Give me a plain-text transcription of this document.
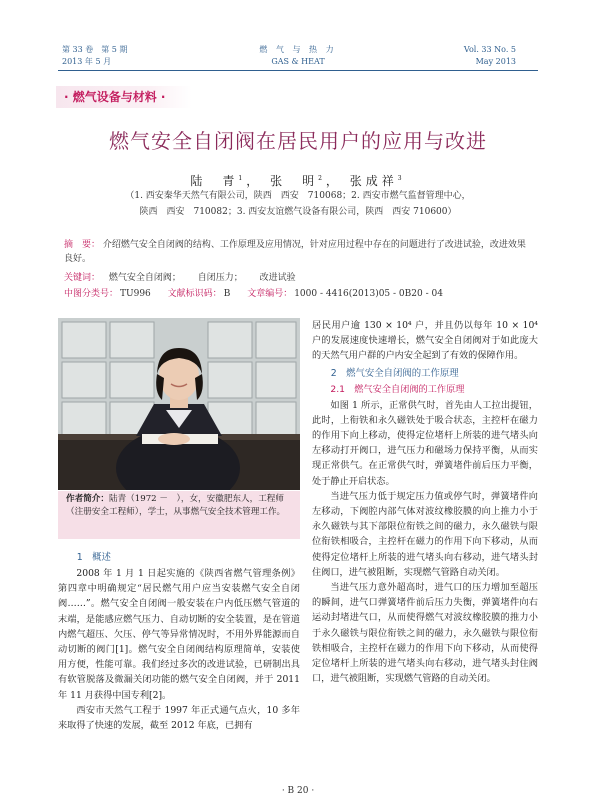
第 33 卷　第 5 期
2013 年 5 月
燃 气 与 热 力
GAS & HEAT
Vol. 33 No. 5
May 2013
· 燃气设备与材料 ·
燃气安全自闭阀在居民用户的应用与改进
陆　青$^1$， 张　明$^2$， 张成祥$^3$
（1. 西安秦华天然气有限公司，陕西　西安　710068；2. 西安市燃气监督管理中心，
陕西　西安　710082；3. 西安友谊燃气设备有限公司，陕西　西安 710600）
摘　要： 介绍燃气安全自闭阀的结构、工作原理及应用情况，针对应用过程中存在的问题进行了改进试验，改进效果良好。
关键词： 燃气安全自闭阀； 自闭压力； 改进试验
中图分类号： TU996 文献标识码： B 文章编号： 1000 - 4416(2013)05 - 0B20 - 04
作者简介：陆青（1972 －　），女，安徽肥东人，工程师（注册安全工程师），学士，从事燃气安全技术管理工作。

1　概述

2008 年 1 月 1 日起实施的《陕西省燃气管理条例》第四章中明确规定“居民燃气用户应当安装燃气安全自闭阀……”。燃气安全自闭阀一般安装在户内低压燃气管道的末端，是能感应燃气压力、自动切断的安全装置，是在管道内燃气超压、欠压、停气等异常情况时，不用外界能源而自动切断的阀门[1]。燃气安全自闭阀结构原理简单，安装使用方便，性能可靠。我们经过多次的改进试验，已研制出具有软管脱落及微漏关闭功能的燃气安全自闭阀，并于 2011 年 11 月获得中国专利[2]。

西安市天然气工程于 1997 年正式通气点火，10 多年来取得了快速的发展，截至 2012 年底，已拥有

居民用户逾 130 × 10⁴ 户，并且仍以每年 10 × 10⁴ 户的发展速度快速增长，燃气安全自闭阀对于如此庞大的天然气用户群的户内安全起到了有效的保障作用。

2　燃气安全自闭阀的工作原理

2.1　燃气安全自闭阀的工作原理

如图 1 所示，正常供气时，首先由人工拉出提钮，此时，上衔铁和永久磁铁处于吸合状态，主控杆在磁力的作用下向上移动，使得定位堵杆上所装的进气堵头向左移动打开阀口，进气压力和磁场力保持平衡，从而实现正常供气。在正常供气时，弹簧堵件前后压力平衡，处于静止开启状态。

当进气压力低于规定压力值或停气时，弹簧堵件向左移动，下阀腔内部气体对波纹橡胶膜的向上推力小于永久磁铁与其下部限位衔铁之间的磁力，永久磁铁与限位衔铁相吸合，主控杆在磁力的作用下向下移动，从而使得定位堵杆上所装的进气堵头向右移动，进气堵头封住阀口，进气被阻断，实现燃气管路自动关闭。

当进气压力意外超高时，进气口的压力增加至超压的瞬间，进气口弹簧堵件前后压力失衡，弹簧堵件向右运动封堵进气口，从而使得燃气对波纹橡胶膜的推力小于永久磁铁与限位衔铁之间的磁力，永久磁铁与限位衔铁相吸合，主控杆在磁力的作用下向下移动，从而使得定位堵杆上所装的进气堵头向右移动，进气堵头封住阀口，进气被阻断，实现燃气管路的自动关闭。

· B 20 ·
